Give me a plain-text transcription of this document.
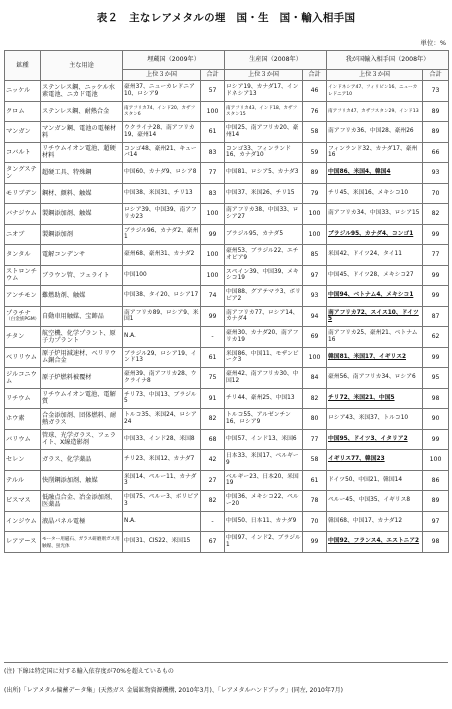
表２　主なレアメタルの埋　国・生　国・輸入相手国
単位：%
鉱種	主な用途	埋蔵国（2009年）		生産国（2008年）		我が国輸入相手国（2008年）	
		上位３か国	合計	上位３か国	合計	上位３か国	合計
ニッケル	ステンレス鋼、ニッケル水素電池、ニカド電池	豪州37、ニューカレドニア10、ロシア9	57	ロシア19、カナダ17、インドネシア13	46	インドネシア47、フィリピン16、ニューカレドニア10	73
クロム	ステンレス鋼、耐熱合金	南アフリカ74、インド20、カザフスタン6	100	南アフリカ43、インド18、カザフスタン15	76	南アフリカ47、カザフスタン29、インド13	89
マンガン	マンガン鋼、電池の電極材料	ウクライナ28、南アフリカ19、豪州14	61	中国25、南アフリカ20、豪州14	58	南アフリカ36、中国28、豪州26	89
コバルト	リチウムイオン電池、超硬材料	コンゴ48、豪州21、キューバ14	83	コンゴ33、フィンランド16、カナダ10	59	フィンランド32、カナダ17、豪州16	66
タングステン	超硬工具、特殊鋼	中国60、カナダ9、ロシア8	77	中国81、ロシア5、カナダ3	89	中国86、米国4、韓国4	93
モリブデン	鋼材、顔料、触媒	中国38、米国31、チリ13	83	中国37、米国26、チリ15	79	チリ45、米国16、メキシコ10	70
バナジウム	製鋼添加剤、触媒	ロシア39、中国39、南アフリカ23	100	南アフリカ38、中国33、ロシア27	100	南アフリカ34、中国33、ロシア15	82
ニオブ	製鋼添加剤	ブラジル96、カナダ2、豪州1	99	ブラジル95、カナダ5	100	ブラジル95、カナダ4、コンゴ1	99
タンタル	電解コンデンサ	豪州68、豪州31、カナダ2	100	豪州53、ブラジル22、エチオピア9	85	米国42、ドイツ24、タイ11	77
ストロンチウム	ブラウン管、フェライト	中国100	100	スペイン39、中国39、メキシコ19	97	中国45、ドイツ28、メキシコ27	99
アンチモン	難燃助剤、触媒	中国38、タイ20、ロシア17	74	中国88、グアテマラ3、ボリビア2	93	中国94、ベトナム4、メキシコ1	99
プラチナ
（白金族PGM）	自動車用触媒、宝飾品	南アフリカ89、ロシア9、米国1	99	南アフリカ77、ロシア14、カナダ4	94	南アフリカ72、スイス10、ドイツ5	87
チタン	航空機、化学プラント、原子力プラント	N.A.	-	豪州30、カナダ20、南アフリカ19	69	南アフリカ25、豪州21、ベトナム16	62
ベリリウム	原子炉用減速材、ベリリウム銅合金	ブラジル29、ロシア19、インド13	61	米国86、中国11、モザンビーク3	100	韓国81、米国17、イギリス2	99
ジルコニウム	原子炉燃料被覆材	豪州39、南アフリカ28、ウクライナ8	75	豪州42、南アフリカ30、中国12	84	豪州56、南アフリカ34、ロシア6	95
リチウム	リチウムイオン電池、電解質	チリ73、中国13、ブラジル5	91	チリ44、豪州25、中国13	82	チリ72、米国21、中国5	98
ホウ素	合金添加剤、団体燃料、耐熱ガラス	トルコ35、米国24、ロシア24	82	トルコ55、アルゼンチン16、ロシア9	80	ロシア43、米国37、トルコ10	90
バリウム	管球、光学ガラス、フェライト、X線造影剤	中国33、インド28、米国8	68	中国57、インド13、米国6	77	中国95、ドイツ3、イタリア2	99
セレン	ガラス、化学薬品	チリ23、米国12、カナダ7	42	日本33、米国17、ベルギー9	58	イギリス77、韓国23	100
テルル	快削鋼添加剤、触媒	米国14、ペルー11、カナダ3	27	ベルギー23、日本20、米国19	61	ドイツ50、中国21、韓国14	86
ビスマス	低融点合金、冶金添加剤、医薬品	中国75、ペルー3、ボリビア3	82	中国36、メキシコ22、ペルー20	78	ペルー45、中国35、イギリス8	89
インジウム	液晶パネル電極	N.A.	-	中国50、日本11、カナダ9	70	韓国68、中国17、カナダ12	97
レアアース	モーター用磁石、ガラス研磨剤ガス用触媒、蛍光体	中国31、CIS22、米国15	67	中国97、インド2、ブラジル1	99	中国92、フランス4、エストニア2	98
(注) 下線は特定国に対する輸入依存度が70%を超えているもの
(出所)「レアメタル偏蓄データ集」(天然ガス 金属鉱物資源機構, 2010年3月)、「レアメタルハンドブック」(同左, 2010年7月)
